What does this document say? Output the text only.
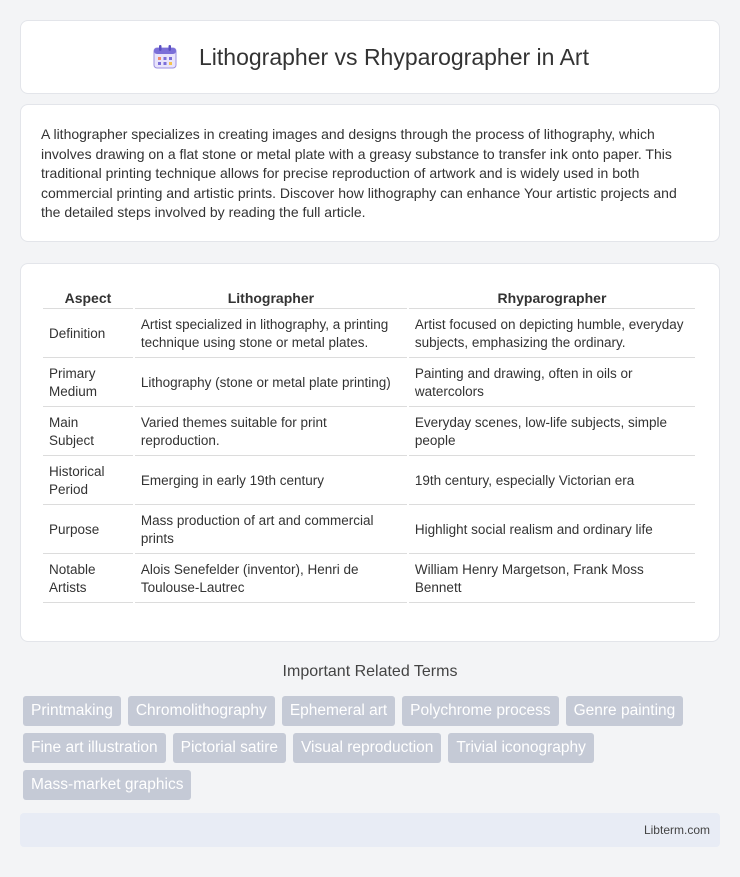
Lithographer vs Rhyparographer in Art

A lithographer specializes in creating images and designs through the process of lithography, which involves drawing on a flat stone or metal plate with a greasy substance to transfer ink onto paper. This traditional printing technique allows for precise reproduction of artwork and is widely used in both commercial printing and artistic prints. Discover how lithography can enhance Your artistic projects and the detailed steps involved by reading the full article.

Aspect	Lithographer	Rhyparographer
Definition	Artist specialized in lithography, a printing technique using stone or metal plates.	Artist focused on depicting humble, everyday subjects, emphasizing the ordinary.
Primary Medium	Lithography (stone or metal plate printing)	Painting and drawing, often in oils or watercolors
Main Subject	Varied themes suitable for print reproduction.	Everyday scenes, low-life subjects, simple people
Historical Period	Emerging in early 19th century	19th century, especially Victorian era
Purpose	Mass production of art and commercial prints	Highlight social realism and ordinary life
Notable Artists	Alois Senefelder (inventor), Henri de Toulouse-Lautrec	William Henry Margetson, Frank Moss Bennett
Important Related Terms
Printmaking	Chromolithography	Ephemeral art	Polychrome process	Genre painting
Fine art illustration	Pictorial satire	Visual reproduction	Trivial iconography
Mass-market graphics
Libterm.com
